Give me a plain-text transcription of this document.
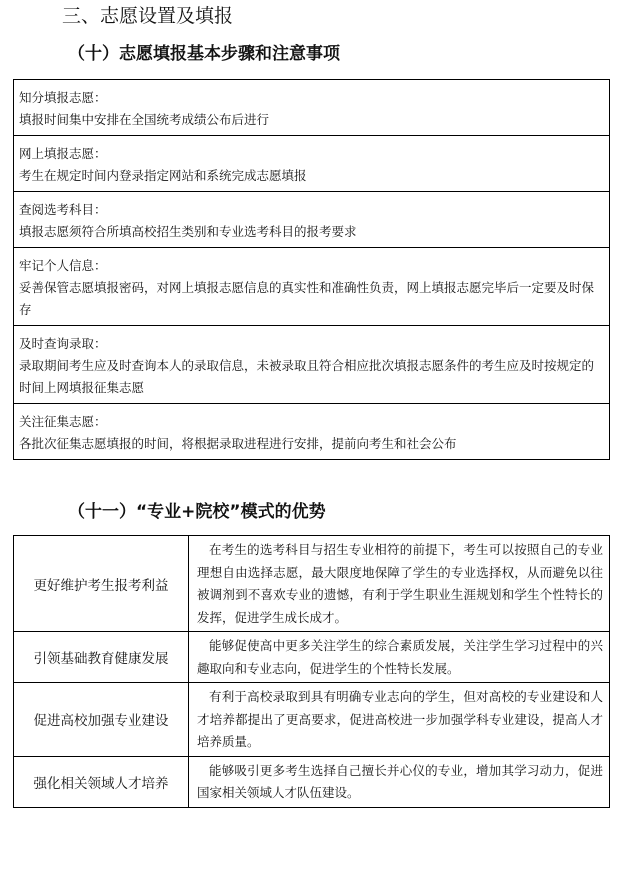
三、志愿设置及填报
（十）志愿填报基本步骤和注意事项
知分填报志愿：
填报时间集中安排在全国统考成绩公布后进行
网上填报志愿：
考生在规定时间内登录指定网站和系统完成志愿填报
查阅选考科目：
填报志愿须符合所填高校招生类别和专业选考科目的报考要求
牢记个人信息：
妥善保管志愿填报密码，对网上填报志愿信息的真实性和准确性负责，网上填报志愿完毕后一定要及时保存
及时查询录取：
录取期间考生应及时查询本人的录取信息，未被录取且符合相应批次填报志愿条件的考生应及时按规定的时间上网填报征集志愿
关注征集志愿：
各批次征集志愿填报的时间，将根据录取进程进行安排，提前向考生和社会公布
（十一）“专业+院校”模式的优势
更好维护考生报考利益	在考生的选考科目与招生专业相符的前提下，考生可以按照自己的专业理想自由选择志愿，最大限度地保障了学生的专业选择权，从而避免以往被调剂到不喜欢专业的遗憾，有利于学生职业生涯规划和学生个性特长的发挥，促进学生成长成才。
引领基础教育健康发展	能够促使高中更多关注学生的综合素质发展，关注学生学习过程中的兴趣取向和专业志向，促进学生的个性特长发展。
促进高校加强专业建设	有利于高校录取到具有明确专业志向的学生，但对高校的专业建设和人才培养都提出了更高要求，促进高校进一步加强学科专业建设，提高人才培养质量。
强化相关领域人才培养	能够吸引更多考生选择自己擅长并心仪的专业，增加其学习动力，促进国家相关领域人才队伍建设。
